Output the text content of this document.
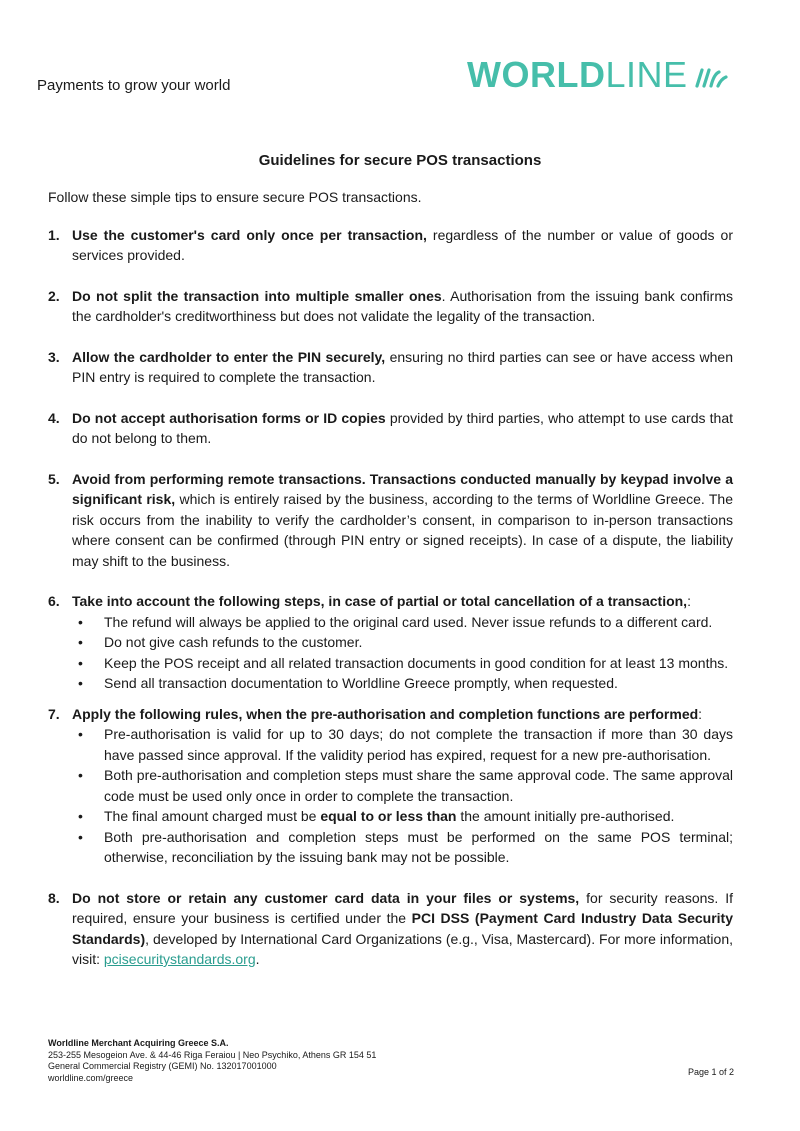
Payments to grow your world	WORLDLINE
Guidelines for secure POS transactions

Follow these simple tips to ensure secure POS transactions.

1. Use the customer's card only once per transaction, regardless of the number or value of goods or services provided.
2. Do not split the transaction into multiple smaller ones. Authorisation from the issuing bank confirms the cardholder's creditworthiness but does not validate the legality of the transaction.
3. Allow the cardholder to enter the PIN securely, ensuring no third parties can see or have access when PIN entry is required to complete the transaction.
4. Do not accept authorisation forms or ID copies provided by third parties, who attempt to use cards that do not belong to them.
5. Avoid from performing remote transactions. Transactions conducted manually by keypad involve a significant risk, which is entirely raised by the business, according to the terms of Worldline Greece. The risk occurs from the inability to verify the cardholder’s consent, in comparison to in-person transactions where consent can be confirmed (through PIN entry or signed receipts). In case of a dispute, the liability may shift to the business.
6. Take into account the following steps, in case of partial or total cancellation of a transaction,:
• The refund will always be applied to the original card used. Never issue refunds to a different card.
• Do not give cash refunds to the customer.
• Keep the POS receipt and all related transaction documents in good condition for at least 13 months.
• Send all transaction documentation to Worldline Greece promptly, when requested.
7. Apply the following rules, when the pre-authorisation and completion functions are performed:
• Pre-authorisation is valid for up to 30 days; do not complete the transaction if more than 30 days have passed since approval. If the validity period has expired, request for a new pre-authorisation.
• Both pre-authorisation and completion steps must share the same approval code. The same approval code must be used only once in order to complete the transaction.
• The final amount charged must be equal to or less than the amount initially pre-authorised.
• Both pre-authorisation and completion steps must be performed on the same POS terminal; otherwise, reconciliation by the issuing bank may not be possible.
8. Do not store or retain any customer card data in your files or systems, for security reasons. If required, ensure your business is certified under the PCI DSS (Payment Card Industry Data Security Standards), developed by International Card Organizations (e.g., Visa, Mastercard). For more information, visit: pcisecuritystandards.org.
Worldline Merchant Acquiring Greece S.A.
253-255 Mesogeion Ave. & 44-46 Riga Feraiou | Neo Psychiko, Athens GR 154 51
General Commercial Registry (GEMI) No. 132017001000
worldline.com/greece
Page 1 of 2
